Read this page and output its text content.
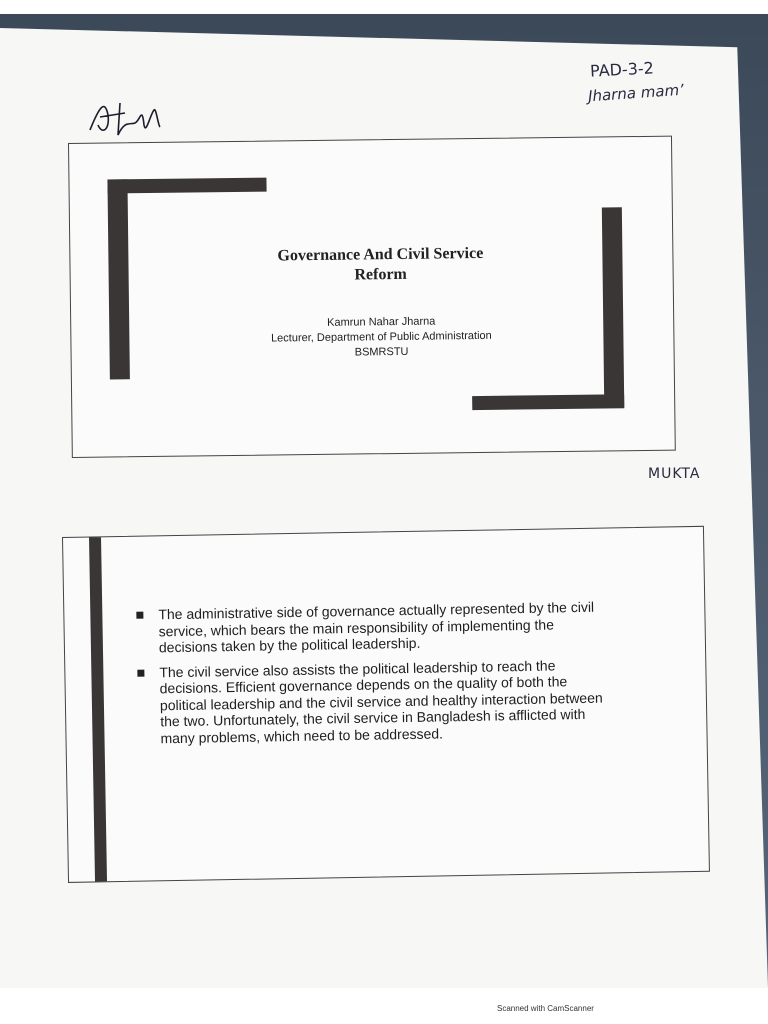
PAD-3-2
Jharna mam’
MUKTA
Governance And Civil Service
Reform
Kamrun Nahar Jharna
Lecturer, Department of Public Administration
BSMRSTU
The administrative side of governance actually represented by the civil service, which bears the main responsibility of implementing the decisions taken by the political leadership.
The civil service also assists the political leadership to reach the decisions. Efficient governance depends on the quality of both the political leadership and the civil service and healthy interaction between the two. Unfortunately, the civil service in Bangladesh is afflicted with many problems, which need to be addressed.
Scanned with CamScanner
